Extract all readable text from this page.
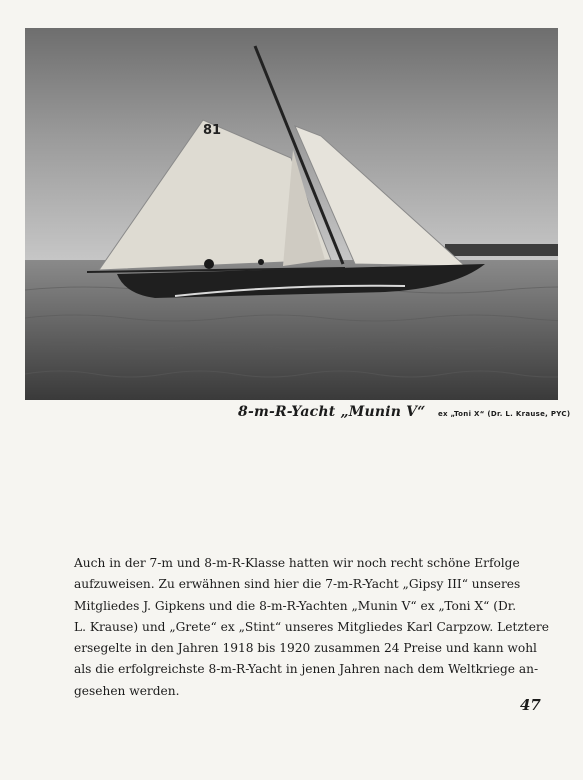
81
8-m-R-Yacht „Munin V“ ex „Toni X“ (Dr. L. Krause, PYC)
Auch in der 7-m und 8-m-R-Klasse hatten wir noch recht schöne Erfolge
aufzuweisen. Zu erwähnen sind hier die 7-m-R-Yacht „Gipsy III“ unseres
Mitgliedes J. Gipkens und die 8-m-R-Yachten „Munin V“ ex „Toni X“ (Dr.
L. Krause) und „Grete“ ex „Stint“ unseres Mitgliedes Karl Carpzow. Letztere
ersegelte in den Jahren 1918 bis 1920 zusammen 24 Preise und kann wohl
als die erfolgreichste 8-m-R-Yacht in jenen Jahren nach dem Weltkriege an-
gesehen werden.
47
